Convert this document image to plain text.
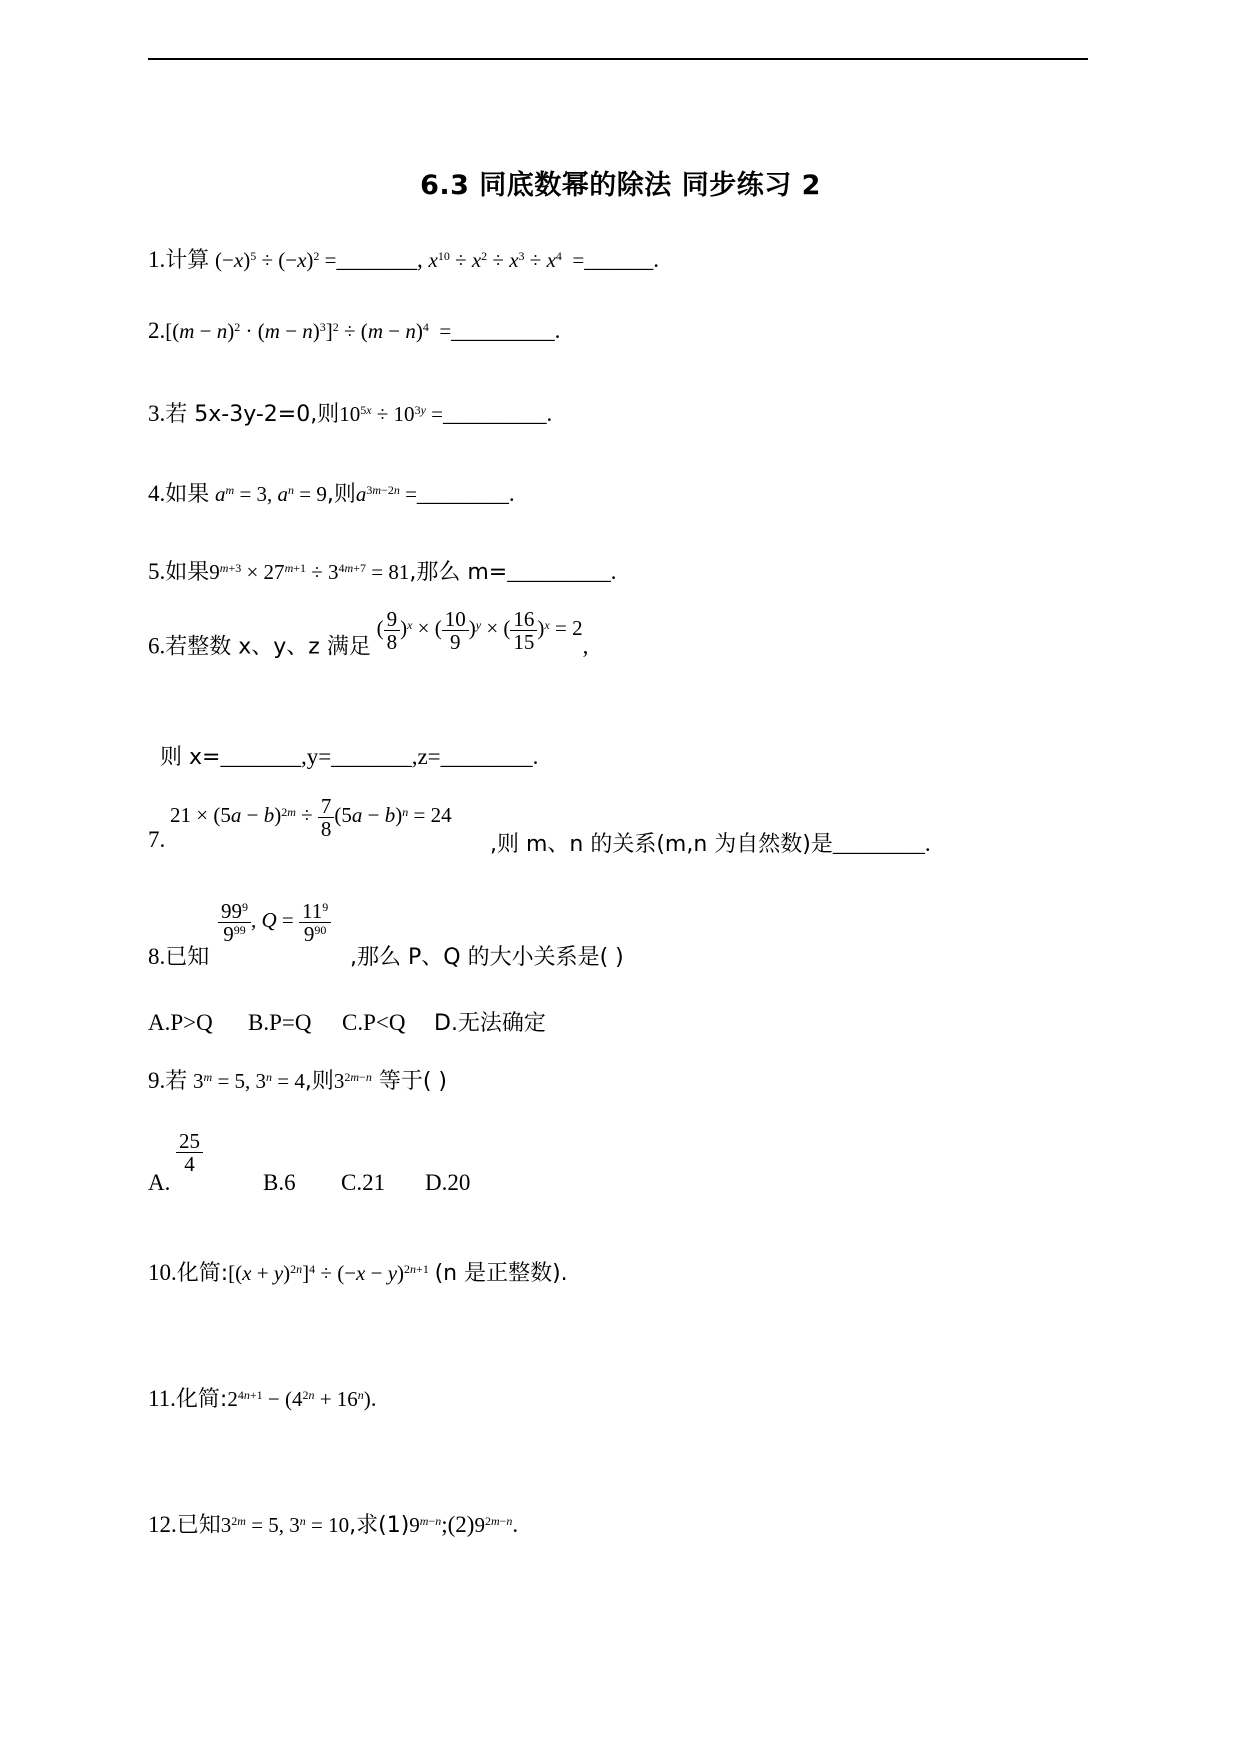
6.3 同底数幂的除法 同步练习 2
1.计算 $(-x)^5 \div (-x)^2$ =_______, $x^{10} \div x^2 \div x^3 \div x^4$  =______.
$2.[(m - n)^2 \cdot (m - n)^3]^2 \div (m - n)^4$  =_________.
3.若 5x-3y-2=0,则$10^{5x} \div 10^{3y}$ =_________.
4.如果 $a^m = 3$, $a^n = 9$,则$a^{3m-2n}$ =________.
5.如果$9^{m+3} \times 27^{m+1} \div 3^{4m+7} = 81$,那么 m=_________.
6.若整数 x、y、z 满足 ( $\frac{9}{8} )^x$ × ( $\frac{10}{9} )^y$ × ( $\frac{16}{15} )^x = 2$,
则 x=_______,y=_______,z=________.
$21 \times (5a - b)^{2m} \div \frac{7}{8} (5a - b)^n = 24$
7.	,则 m、n 的关系(m,n 为自然数)是________.
$\frac{99^9}{9^{99}}$ , $Q = \frac{11^9}{9^{90}}$
8.已知	,那么 P、Q 的大小关系是( )
A.P>Q B.P=Q C.P<Q D.无法确定
9.若 $3^m = 5$, $3^n = 4$,则$3^{2m-n}$ 等于( )
$\frac{25}{4}$
A.	B.6 C.21 D.20
10.化简:[(x + $y)^{2n}]^4 \div (-x - y)^{2n+1}$ (n 是正整数).
11.化简$:2^{4n+1} - (4^{2n} + 16^n)$.
12.已知$3^{2m} = 5$, $3^n = 10$,求$(1)9^{m-n};(2)9^{2m-n}$.
